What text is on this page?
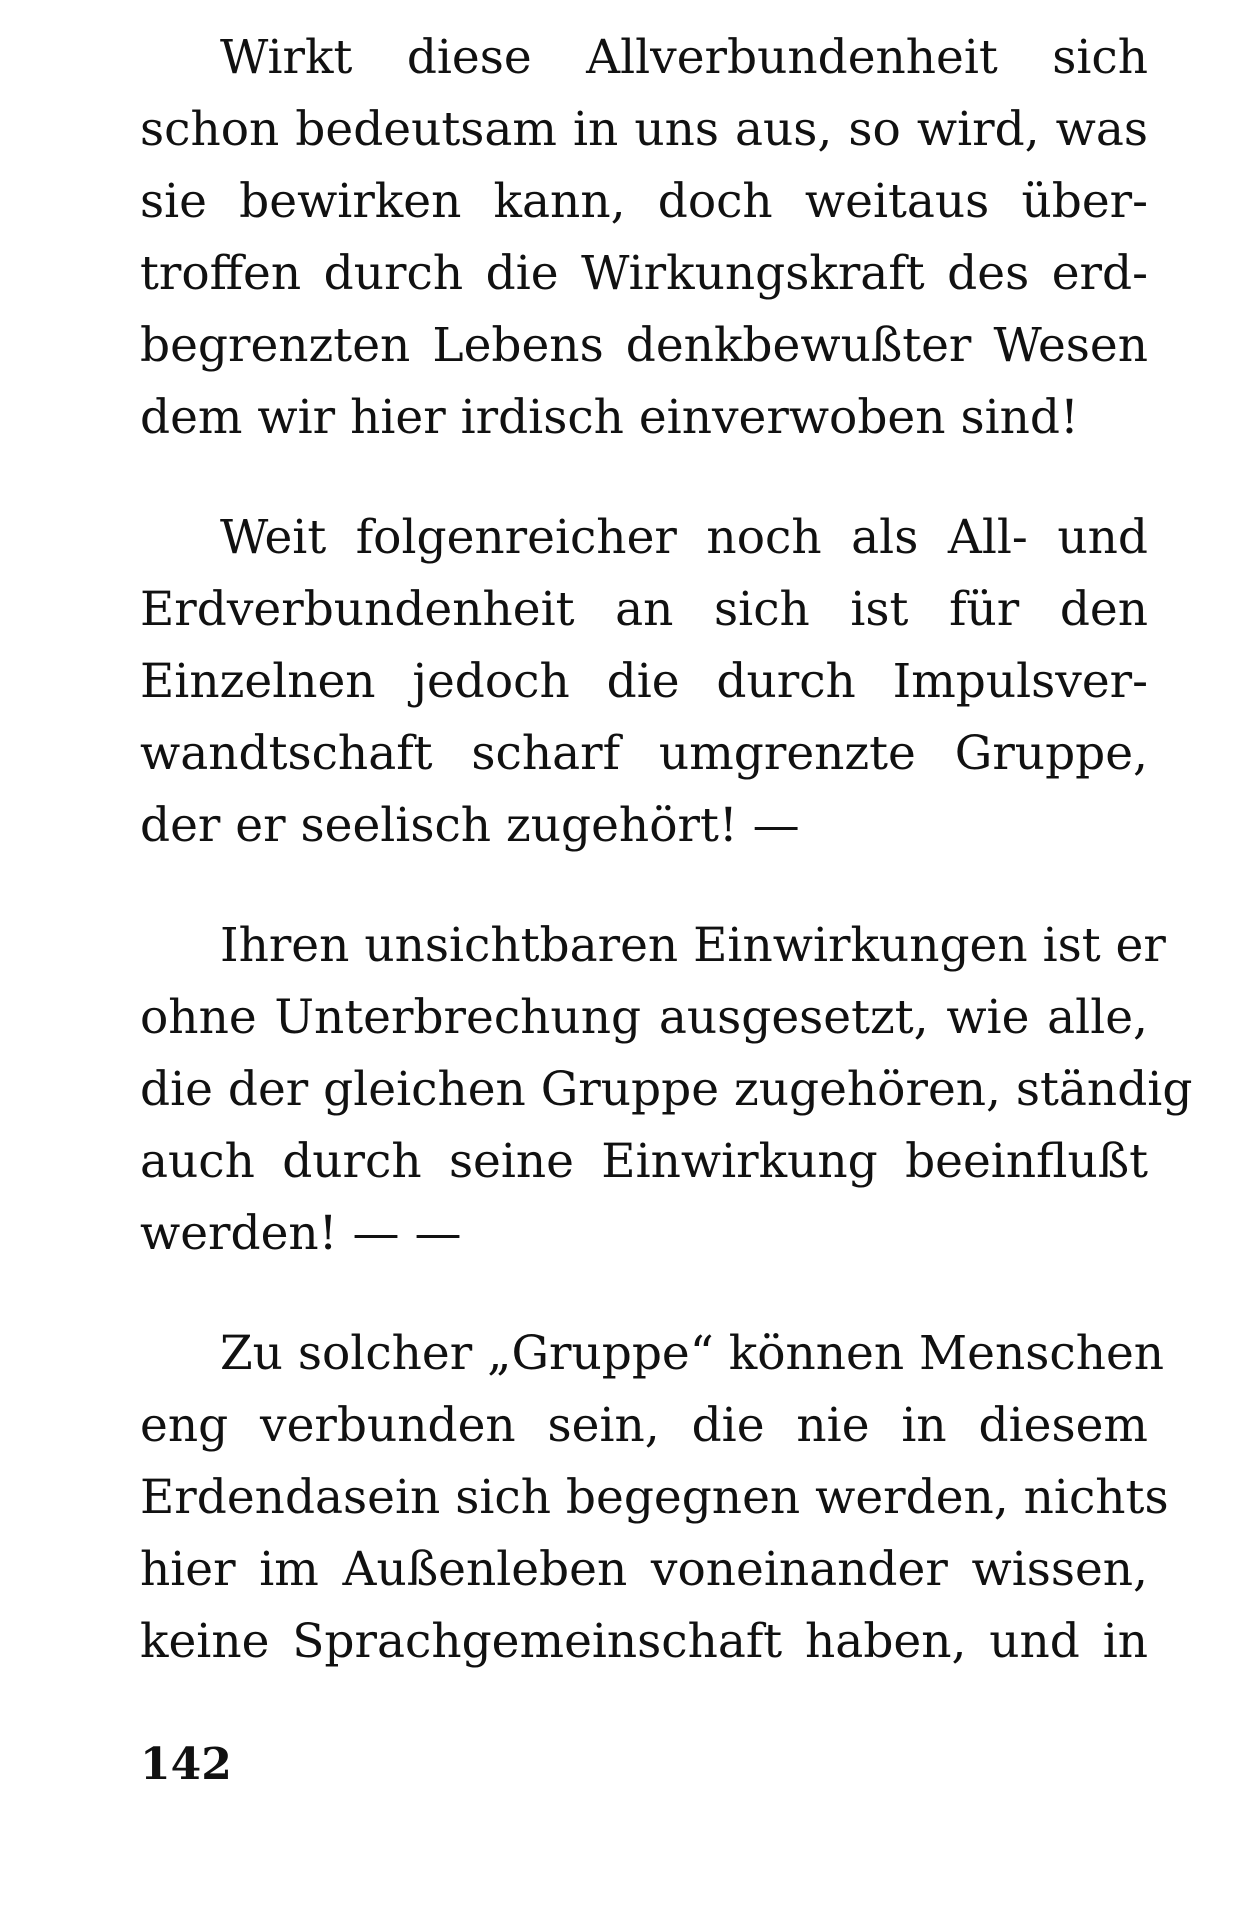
Wirkt diese Allverbundenheit sich
schon bedeutsam in uns aus, so wird, was
sie bewirken kann, doch weitaus über-
troffen durch die Wirkungskraft des erd-
begrenzten Lebens denkbewußter Wesen
dem wir hier irdisch einverwoben sind!
Weit folgenreicher noch als All- und
Erdverbundenheit an sich ist für den
Einzelnen jedoch die durch Impulsver-
wandtschaft scharf umgrenzte Gruppe,
der er seelisch zugehört! —
Ihren unsichtbaren Einwirkungen ist er
ohne Unterbrechung ausgesetzt, wie alle,
die der gleichen Gruppe zugehören, ständig
auch durch seine Einwirkung beeinflußt
werden! — —
Zu solcher „Gruppe“ können Menschen
eng verbunden sein, die nie in diesem
Erdendasein sich begegnen werden, nichts
hier im Außenleben voneinander wissen,
keine Sprachgemeinschaft haben, und in
142
